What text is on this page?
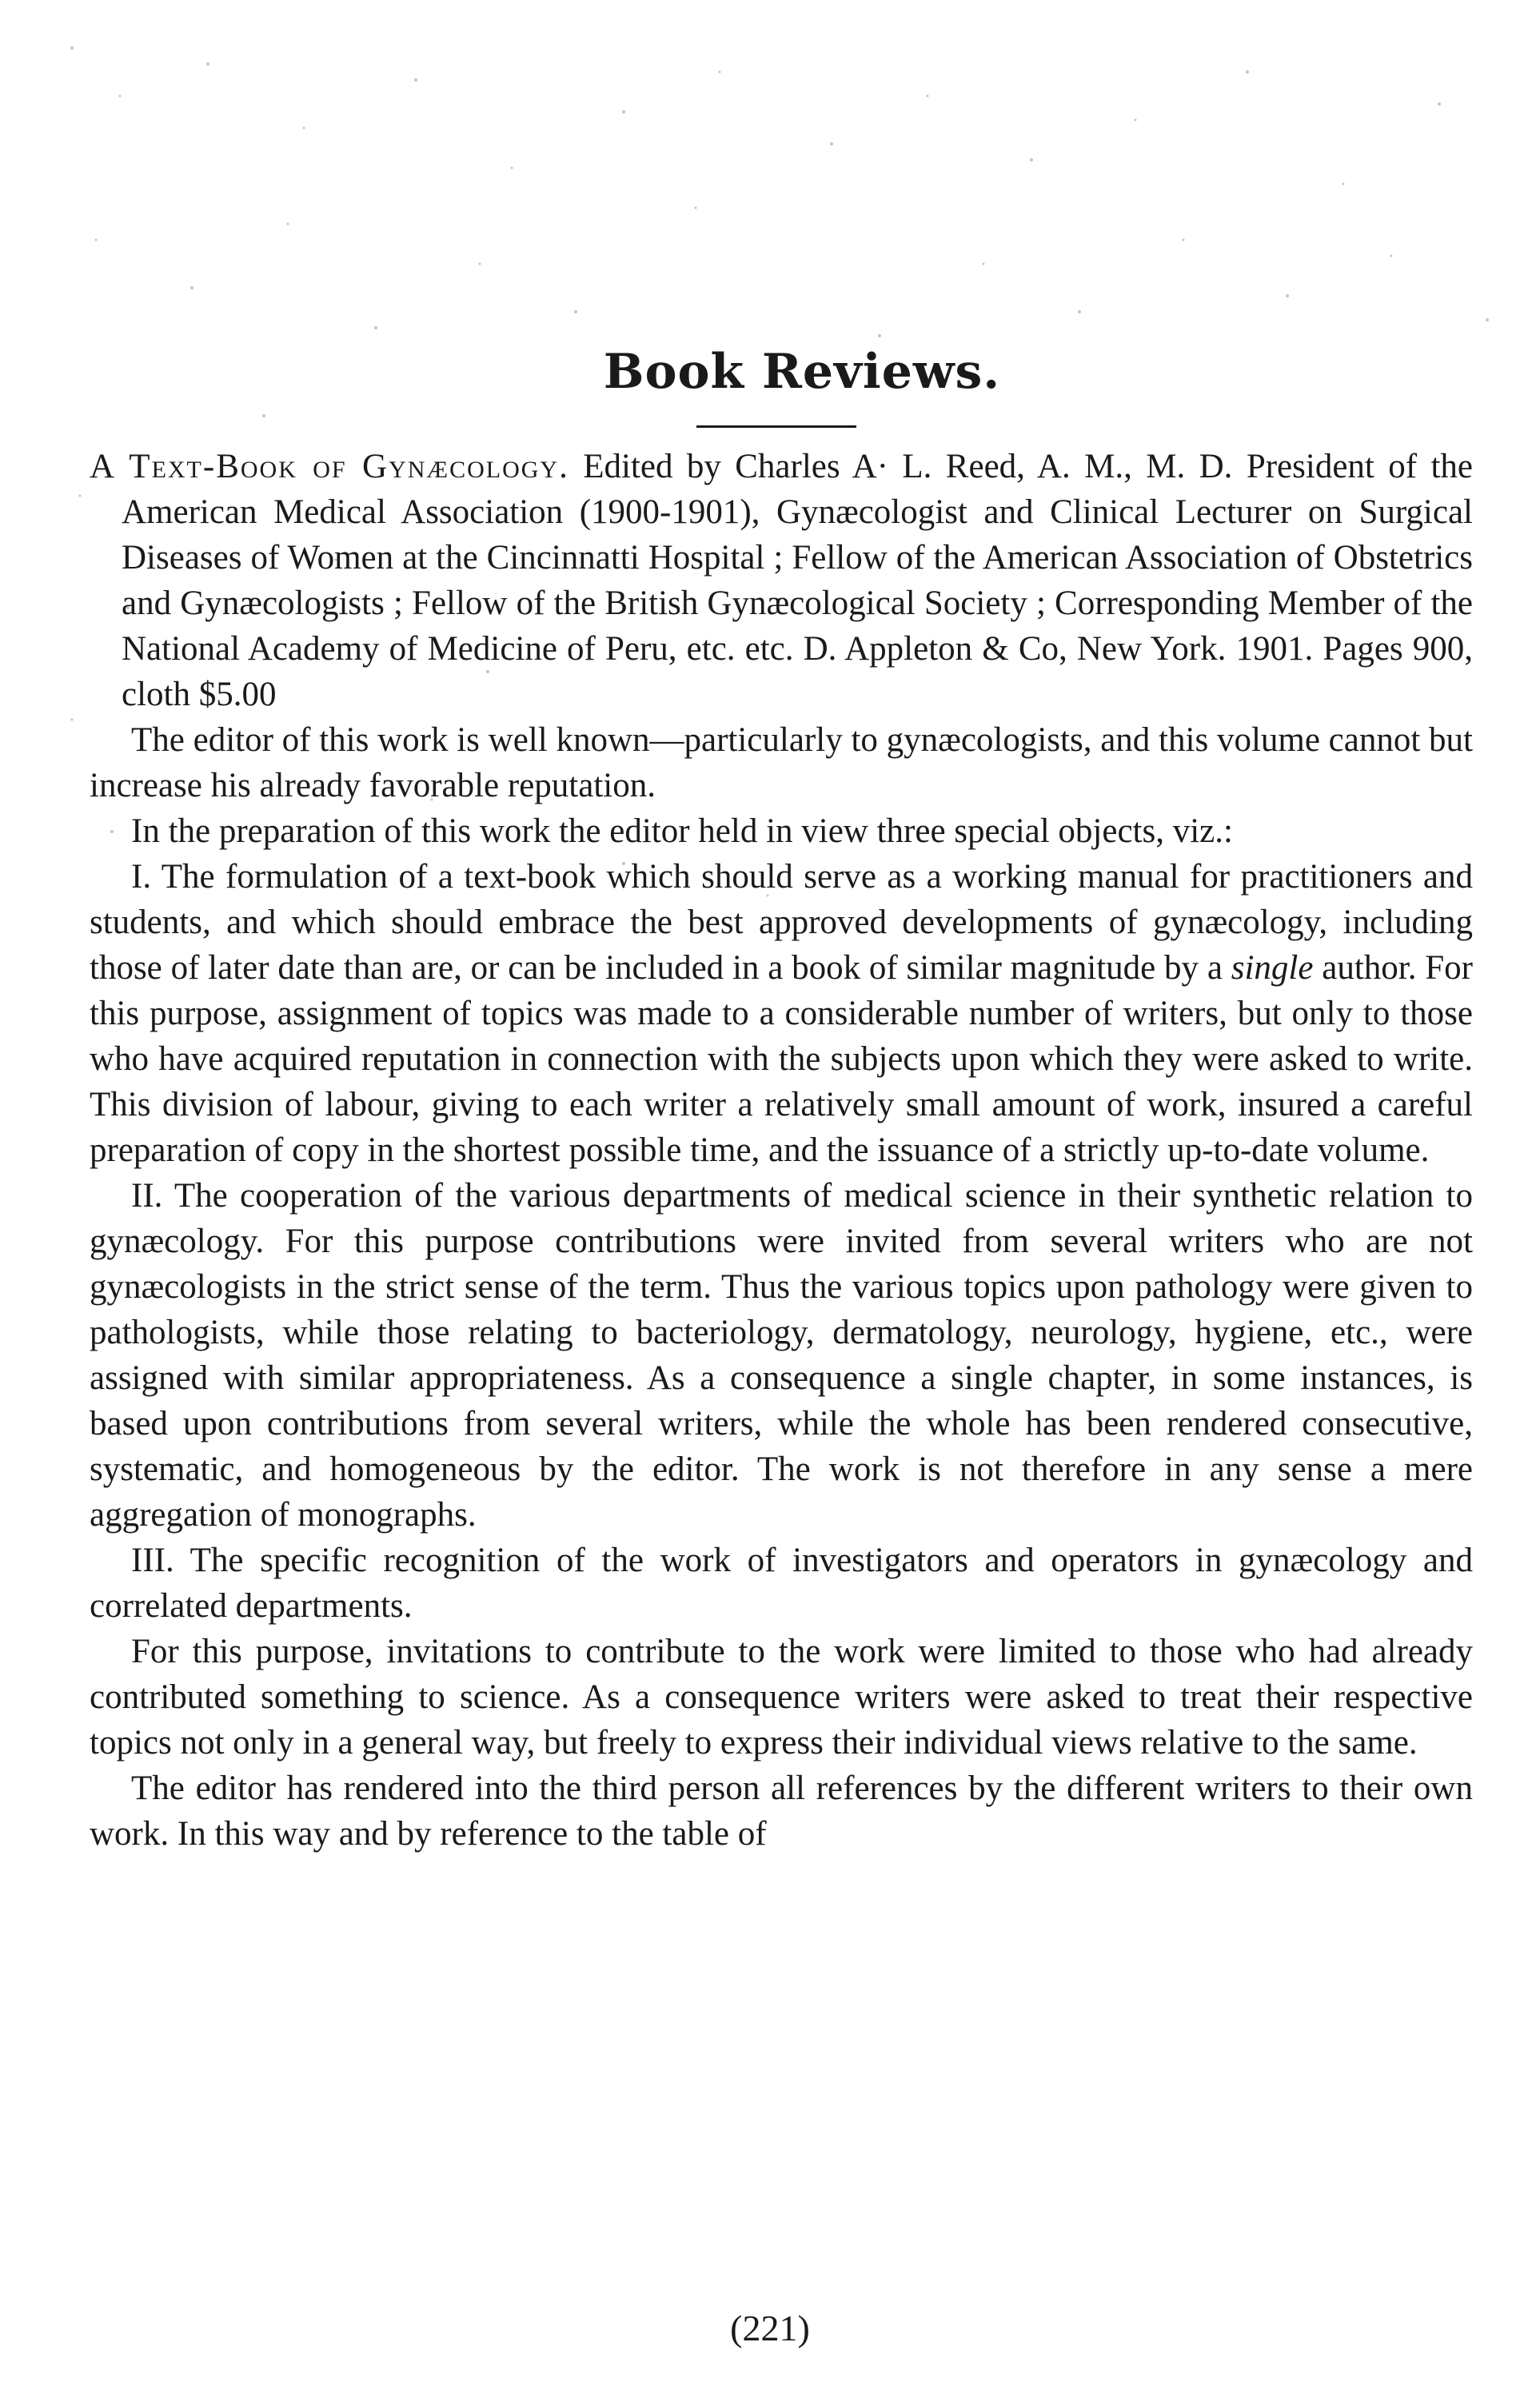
Book Reviews.

A Text-Book of Gynæcology. Edited by Charles A· L. Reed, A. M., M. D. President of the American Medical Association (1900-1901), Gynæcologist and Clinical Lecturer on Surgical Diseases of Women at the Cincinnatti Hospital ; Fellow of the American Association of Obstetrics and Gynæcologists ; Fellow of the British Gynæcological Society ; Corresponding Member of the National Academy of Medicine of Peru, etc. etc. D. Appleton & Co, New York. 1901. Pages 900, cloth $5.00

The editor of this work is well known—particularly to gynæcologists, and this volume cannot but increase his already favorable reputation.

In the preparation of this work the editor held in view three special objects, viz.:

I. The formulation of a text-book which should serve as a working manual for practitioners and students, and which should embrace the best approved developments of gynæcology, including those of later date than are, or can be included in a book of similar magnitude by a single author. For this purpose, assignment of topics was made to a considerable number of writers, but only to those who have acquired reputation in connection with the subjects upon which they were asked to write. This division of labour, giving to each writer a relatively small amount of work, insured a careful preparation of copy in the shortest possible time, and the issuance of a strictly up-to-date volume.

II. The cooperation of the various departments of medical science in their synthetic relation to gynæcology. For this purpose contributions were invited from several writers who are not gynæcologists in the strict sense of the term. Thus the various topics upon pathology were given to pathologists, while those relating to bacteriology, dermatology, neurology, hygiene, etc., were assigned with similar appropriateness. As a consequence a single chapter, in some instances, is based upon contributions from several writers, while the whole has been rendered consecutive, systematic, and homogeneous by the editor. The work is not therefore in any sense a mere aggregation of monographs.

III. The specific recognition of the work of investigators and operators in gynæcology and correlated departments.

For this purpose, invitations to contribute to the work were limited to those who had already contributed something to science. As a consequence writers were asked to treat their respective topics not only in a general way, but freely to express their individual views relative to the same.

The editor has rendered into the third person all references by the different writers to their own work. In this way and by reference to the table of

(221)
